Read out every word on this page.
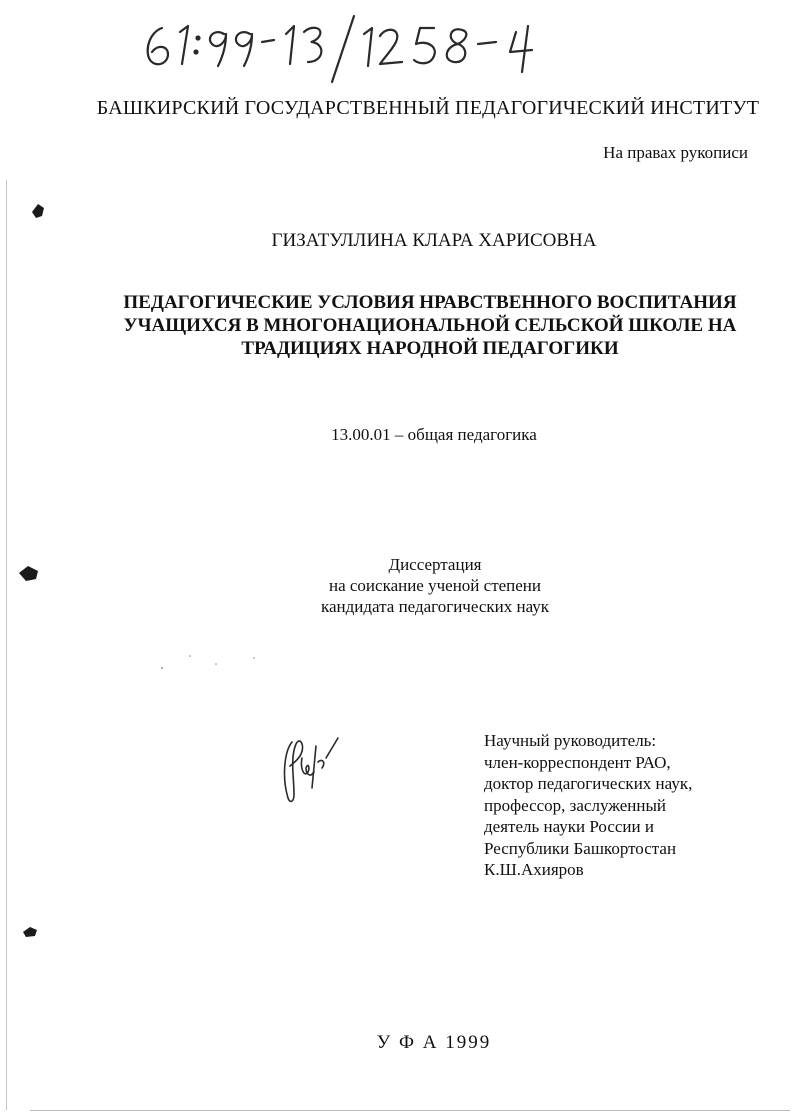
БАШКИРСКИЙ ГОСУДАРСТВЕННЫЙ ПЕДАГОГИЧЕСКИЙ ИНСТИТУТ
На правах рукописи
ГИЗАТУЛЛИНА КЛАРА ХАРИСОВНА
ПЕДАГОГИЧЕСКИЕ УСЛОВИЯ НРАВСТВЕННОГО ВОСПИТАНИЯ
УЧАЩИХСЯ В МНОГОНАЦИОНАЛЬНОЙ СЕЛЬСКОЙ ШКОЛЕ НА
ТРАДИЦИЯХ НАРОДНОЙ ПЕДАГОГИКИ
13.00.01 – общая педагогика
Диссертация
на соискание ученой степени
кандидата педагогических наук
Научный руководитель:
член-корреспондент РАО,
доктор педагогических наук,
профессор, заслуженный
деятель науки России и
Республики Башкортостан
К.Ш.Ахияров
У Ф А 1999
